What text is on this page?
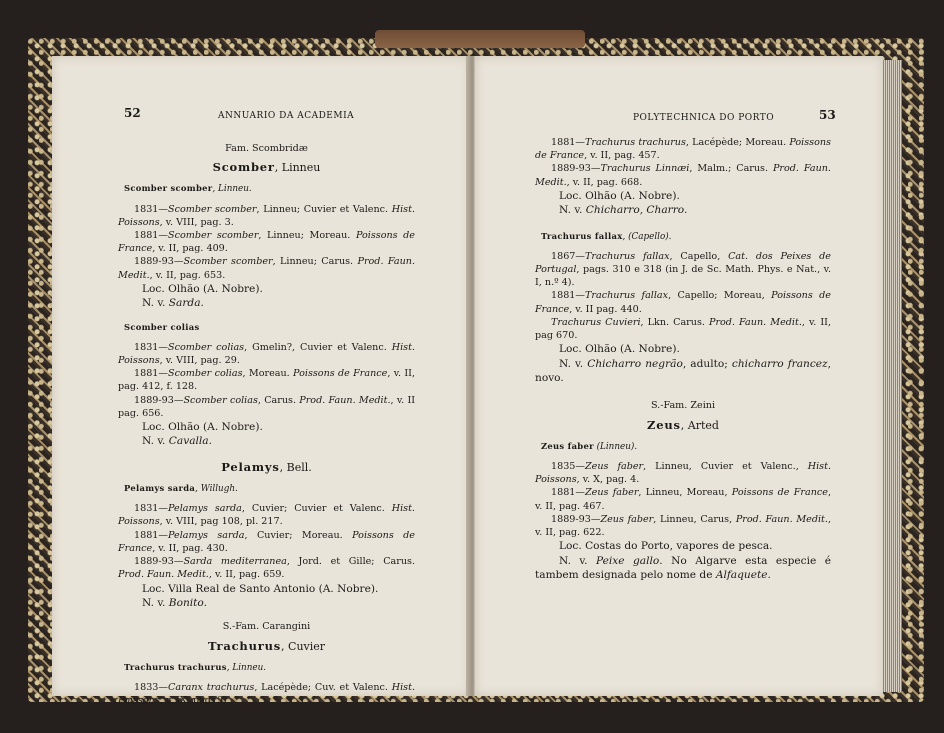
52	ANNUARIO DA ACADEMIA
Fam. Scombridæ
Scomber, Linneu
Scomber scomber, Linneu.

1831—Scomber scomber, Linneu; Cuvier et Valenc. Hist. Poissons, v. VIII, pag. 3.

1881—Scomber scomber, Linneu; Moreau. Poissons de France, v. II, pag. 409.

1889-93—Scomber scomber, Linneu; Carus. Prod. Faun. Medit., v. II, pag. 653.

Loc. Olhão (A. Nobre).

N. v. Sarda.

Scomber colias

1831—Scomber colias, Gmelin?, Cuvier et Valenc. Hist. Poissons, v. VIII, pag. 29.

1881—Scomber colias, Moreau. Poissons de France, v. II, pag. 412, f. 128.

1889-93—Scomber colias, Carus. Prod. Faun. Medit., v. II pag. 656.

Loc. Olhão (A. Nobre).

N. v. Cavalla.

Pelamys, Bell.
Pelamys sarda, Willugh.

1831—Pelamys sarda, Cuvier; Cuvier et Valenc. Hist. Poissons, v. VIII, pag 108, pl. 217.

1881—Pelamys sarda, Cuvier; Moreau. Poissons de France, v. II, pag. 430.

1889-93—Sarda mediterranea, Jord. et Gille; Carus. Prod. Faun. Medit., v. II, pag. 659.

Loc. Villa Real de Santo Antonio (A. Nobre).

N. v. Bonito.

S.-Fam. Carangini
Trachurus, Cuvier
Trachurus trachurus, Linneu.

1833—Caranx trachurus, Lacépède; Cuv. et Valenc. Hist. Poissons, v. IX, pag. 9.

POLYTECHNICA DO PORTO	53

1881—Trachurus trachurus, Lacépède; Moreau. Poissons de France, v. II, pag. 457.

1889-93—Trachurus Linnæi, Malm.; Carus. Prod. Faun. Medit., v. II, pag. 668.

Loc. Olhão (A. Nobre).

N. v. Chicharro, Charro.

Trachurus fallax, (Capello).

1867—Trachurus fallax, Capello, Cat. dos Peixes de Portugal, pags. 310 e 318 (in J. de Sc. Math. Phys. e Nat., v. I, n.º 4).

1881—Trachurus fallax, Capello; Moreau, Poissons de France, v. II pag. 440.

Trachurus Cuvieri, Lkn. Carus. Prod. Faun. Medit., v. II, pag 670.

Loc. Olhão (A. Nobre).

N. v. Chicharro negrão, adulto; chicharro francez, novo.

S.-Fam. Zeini
Zeus, Arted
Zeus faber (Linneu).

1835—Zeus faber, Linneu, Cuvier et Valenc., Hist. Poissons, v. X, pag. 4.

1881—Zeus faber, Linneu, Moreau, Poissons de France, v. II, pag. 467.

1889-93—Zeus faber, Linneu, Carus, Prod. Faun. Medit., v. II, pag. 622.

Loc. Costas do Porto, vapores de pesca.

N. v. Peixe gallo. No Algarve esta especie é tambem designada pelo nome de Alfaquete.
